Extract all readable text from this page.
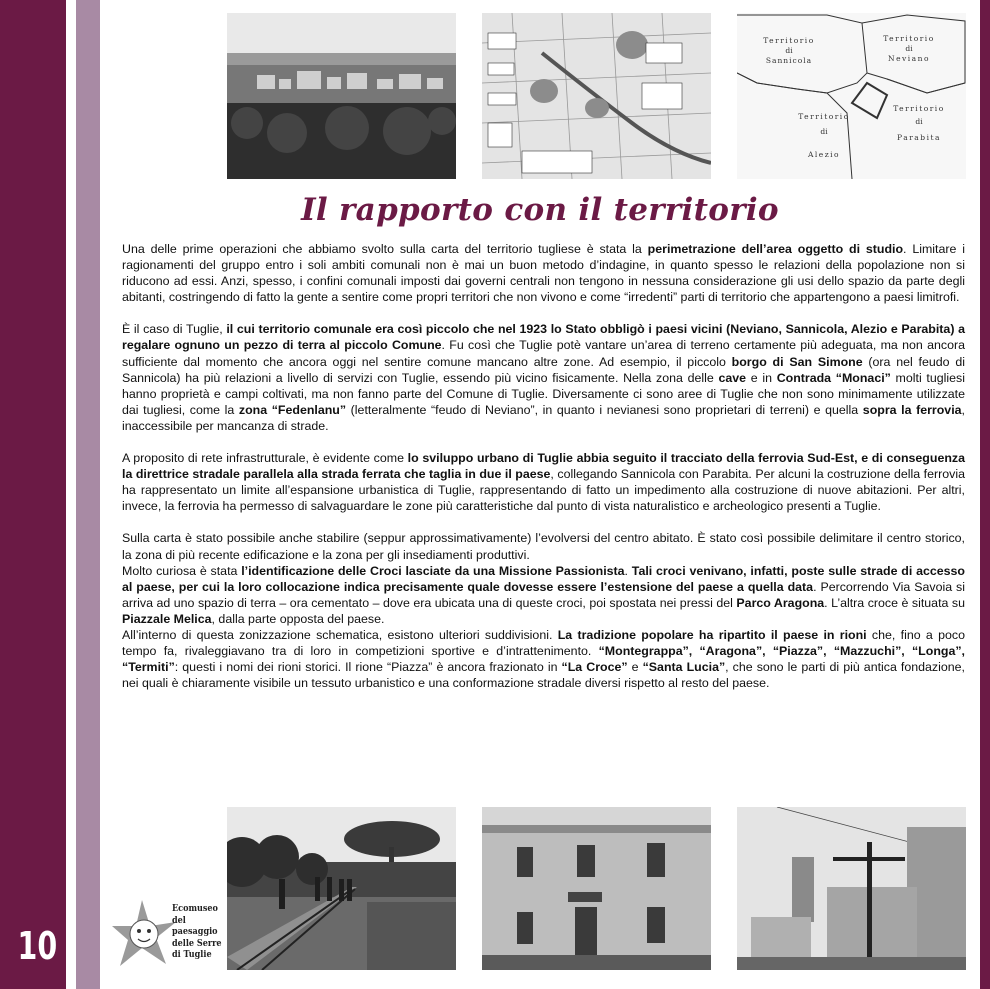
10
Territorio
di
Sannicola
Territorio
di
Neviano
Territorio
di
Alezio
Territorio
di
Parabita
Il rapporto con il territorio

Una delle prime operazioni che abbiamo svolto sulla carta del territorio tugliese è stata la perimetrazione dell’area oggetto di studio. Limitare i ragionamenti del gruppo entro i soli ambiti comunali non è mai un buon metodo d’indagine, in quanto spesso le relazioni della popolazione non si riducono ad essi. Anzi, spesso, i confini comunali imposti dai governi centrali non tengono in nessuna considerazione gli usi dello spazio da parte degli abitanti, costringendo di fatto la gente a sentire come propri territori che non vivono e come “irredenti” parti di territorio che appartengono a paesi limitrofi.

È il caso di Tuglie, il cui territorio comunale era così piccolo che nel 1923 lo Stato obbligò i paesi vicini (Neviano, Sannicola, Alezio e Parabita) a regalare ognuno un pezzo di terra al piccolo Comune. Fu così che Tuglie potè vantare un’area di terreno certamente più adeguata, ma non ancora sufficiente dal momento che ancora oggi nel sentire comune mancano altre zone. Ad esempio, il piccolo borgo di San Simone (ora nel feudo di Sannicola) ha più relazioni a livello di servizi con Tuglie, essendo più vicino fisicamente. Nella zona delle cave e in Contrada “Monaci” molti tugliesi hanno proprietà e campi coltivati, ma non fanno parte del Comune di Tuglie. Diversamente ci sono aree di Tuglie che non sono minimamente utilizzate dai tugliesi, come la zona “Fedenlanu” (letteralmente “feudo di Neviano”, in quanto i nevianesi sono proprietari di terreni) e quella sopra la ferrovia, inaccessibile per mancanza di strade.

A proposito di rete infrastrutturale, è evidente come lo sviluppo urbano di Tuglie abbia seguito il tracciato della ferrovia Sud-Est, e di conseguenza la direttrice stradale parallela alla strada ferrata che taglia in due il paese, collegando Sannicola con Parabita. Per alcuni la costruzione della ferrovia ha rappresentato un limite all’espansione urbanistica di Tuglie, rappresentando di fatto un impedimento alla costruzione di nuove abitazioni. Per altri, invece, la ferrovia ha permesso di salvaguardare le zone più caratteristiche dal punto di vista naturalistico e archeologico presenti a Tuglie.

Sulla carta è stato possibile anche stabilire (seppur approssimativamente) l’evolversi del centro abitato. È stato così possibile delimitare il centro storico, la zona di più recente edificazione e la zona per gli insediamenti produttivi.

Molto curiosa è stata l’identificazione delle Croci lasciate da una Missione Passionista. Tali croci venivano, infatti, poste sulle strade di accesso al paese, per cui la loro collocazione indica precisamente quale dovesse essere l’estensione del paese a quella data. Percorrendo Via Savoia si arriva ad uno spazio di terra – ora cementato – dove era ubicata una di queste croci, poi spostata nei pressi del Parco Aragona. L’altra croce è situata su Piazzale Melica, dalla parte opposta del paese.

All’interno di questa zonizzazione schematica, esistono ulteriori suddivisioni. La tradizione popolare ha ripartito il paese in rioni che, fino a poco tempo fa, rivaleggiavano tra di loro in competizioni sportive e d’intrattenimento. “Montegrappa”, “Aragona”, “Piazza”, “Mazzuchi”, “Longa”, “Termiti”: questi i nomi dei rioni storici. Il rione “Piazza” è ancora frazionato in “La Croce” e “Santa Lucia”, che sono le parti di più antica fondazione, nei quali è chiaramente visibile un tessuto urbanistico e una conformazione stradale diversi rispetto al resto del paese.

Ecomuseo
del paesaggio
delle Serre
di Tuglie
